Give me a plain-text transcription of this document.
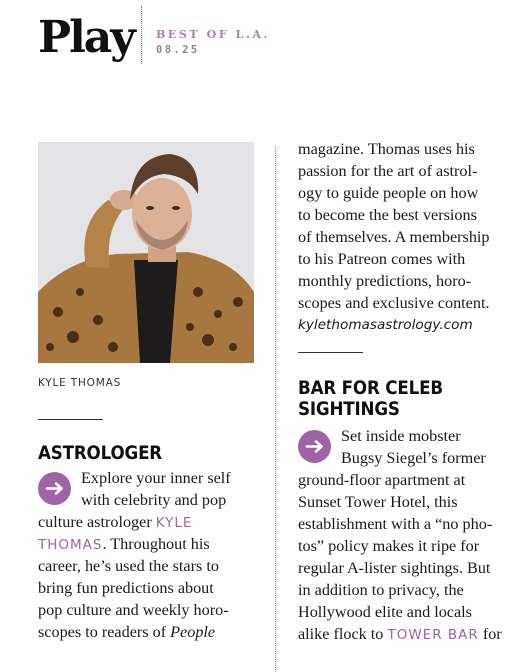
Play BEST OF L.A.
08.25
KYLE THOMAS
ASTROLOGER
Explore your inner self
with celebrity and pop
culture astrologer KYLE
THOMAS. Throughout his
career, he’s used the stars to
bring fun predictions about
pop culture and weekly horo-
scopes to readers of People
magazine. Thomas uses his
passion for the art of astrol-
ogy to guide people on how
to become the best versions
of themselves. A membership
to his Patreon comes with
monthly predictions, horo-
scopes and exclusive content.
kylethomasastrology.com
BAR FOR CELEB
SIGHTINGS
Set inside mobster
Bugsy Siegel’s former
ground-floor apartment at
Sunset Tower Hotel, this
establishment with a “no pho-
tos” policy makes it ripe for
regular A-lister sightings. But
in addition to privacy, the
Hollywood elite and locals
alike flock to TOWER BAR for
